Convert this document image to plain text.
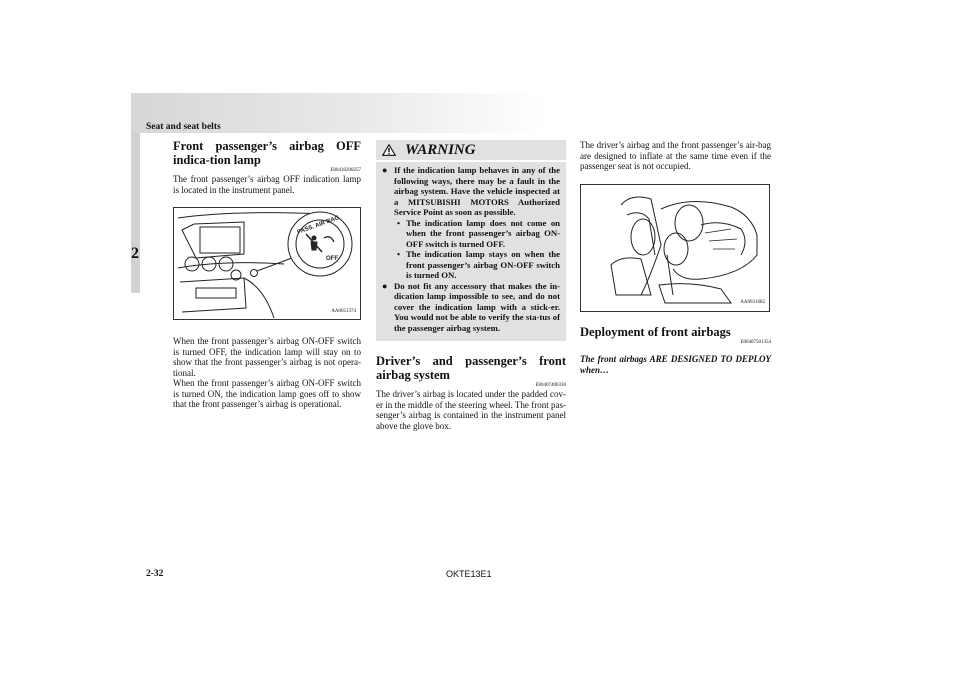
Seat and seat belts
2
Front passenger’s airbag OFF indica-tion lamp
E00410200257

The front passenger’s airbag OFF indication lamp is located in the instrument panel.

PASS. AIR BAG
OFF
AA0051374

When the front passenger’s airbag ON-OFF switch is turned OFF, the indication lamp will stay on to show that the front passenger’s airbag is not opera-tional.

When the front passenger’s airbag ON-OFF switch is turned ON, the indication lamp goes off to show that the front passenger’s airbag is operational.

WARNING
● If the indication lamp behaves in any of the following ways, there may be a fault in the airbag system. Have the vehicle inspected at a MITSUBISHI MOTORS Authorized Service Point as soon as possible.
• The indication lamp does not come on when the front passenger’s airbag ON-OFF switch is turned OFF.
• The indication lamp stays on when the front passenger’s airbag ON-OFF switch is turned ON.
● Do not fit any accessory that makes the in-dication lamp impossible to see, and do not cover the indication lamp with a stick-er. You would not be able to verify the sta-tus of the passenger airbag system.
Driver’s and passenger’s front airbag system
E00407400330

The driver’s airbag is located under the padded cov-er in the middle of the steering wheel. The front pas-senger’s airbag is contained in the instrument panel above the glove box.

The driver’s airbag and the front passenger’s air-bag are designed to inflate at the same time even if the passenger seat is not occupied.

AA0031682
Deployment of front airbags
E00407501354

The front airbags ARE DESIGNED TO DEPLOY when…

2-32	OKTE13E1
